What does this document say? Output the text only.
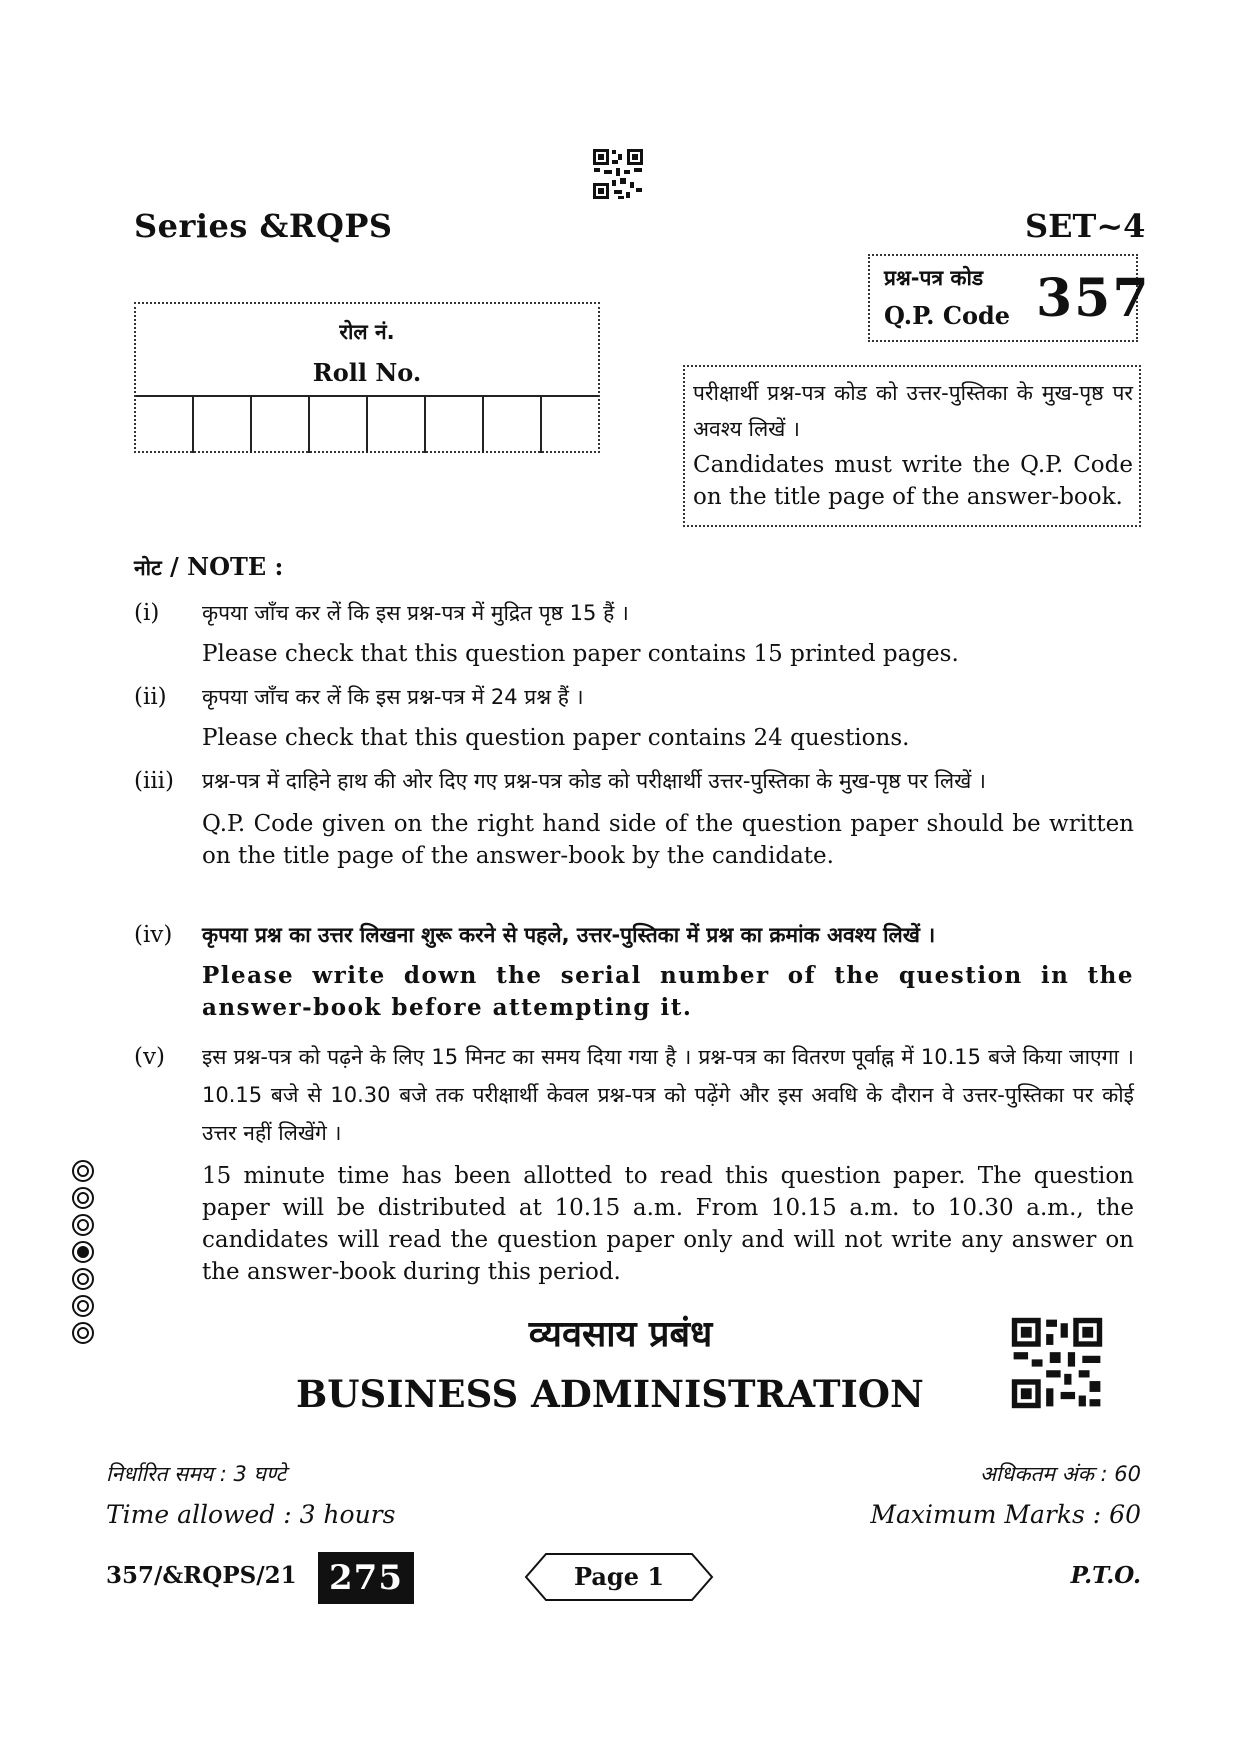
Series &RQPS	SET~4
प्रश्न-पत्र कोड
Q.P. Code 357
रोल नं.
Roll No.
परीक्षार्थी प्रश्न-पत्र कोड को उत्तर-पुस्तिका के मुख-पृष्ठ पर अवश्य लिखें ।
Candidates must write the Q.P. Code on the title page of the answer-book.
नोट / NOTE :
(i) कृपया जाँच कर लें कि इस प्रश्न-पत्र में मुद्रित पृष्ठ 15 हैं ।
Please check that this question paper contains 15 printed pages.
(ii) कृपया जाँच कर लें कि इस प्रश्न-पत्र में 24 प्रश्न हैं ।
Please check that this question paper contains 24 questions.
(iii) प्रश्न-पत्र में दाहिने हाथ की ओर दिए गए प्रश्न-पत्र कोड को परीक्षार्थी उत्तर-पुस्तिका के मुख-पृष्ठ पर लिखें ।
Q.P. Code given on the right hand side of the question paper should be written on the title page of the answer-book by the candidate.
(iv) कृपया प्रश्न का उत्तर लिखना शुरू करने से पहले, उत्तर-पुस्तिका में प्रश्न का क्रमांक अवश्य लिखें ।
Please write down the serial number of the question in the answer-book before attempting it.
(v) इस प्रश्न-पत्र को पढ़ने के लिए 15 मिनट का समय दिया गया है । प्रश्न-पत्र का वितरण पूर्वाह्न में 10.15 बजे किया जाएगा । 10.15 बजे से 10.30 बजे तक परीक्षार्थी केवल प्रश्न-पत्र को पढ़ेंगे और इस अवधि के दौरान वे उत्तर-पुस्तिका पर कोई उत्तर नहीं लिखेंगे ।
15 minute time has been allotted to read this question paper. The question paper will be distributed at 10.15 a.m. From 10.15 a.m. to 10.30 a.m., the candidates will read the question paper only and will not write any answer on the answer-book during this period.
व्यवसाय प्रबंध
BUSINESS ADMINISTRATION
निर्धारित समय : 3 घण्टे
Time allowed : 3 hours
अधिकतम अंक : 60
Maximum Marks : 60
357/&RQPS/21 275	Page 1	P.T.O.
